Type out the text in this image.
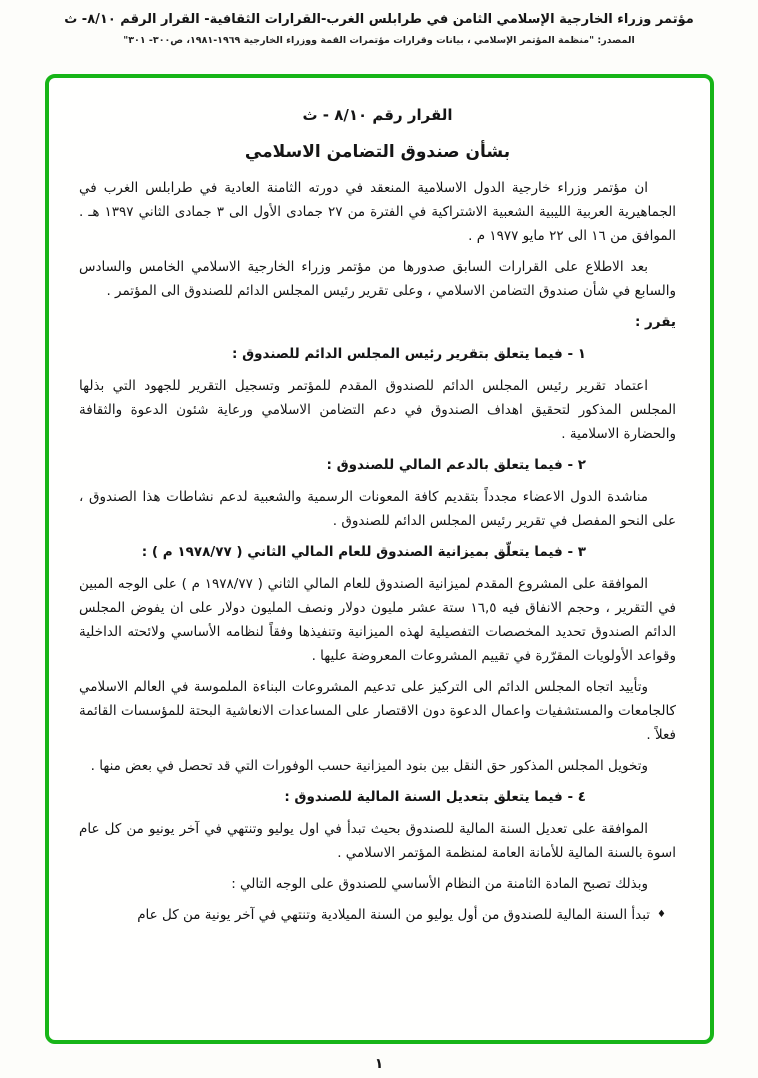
مؤتمر وزراء الخارجية الإسلامي الثامن في طرابلس الغرب-القرارات الثقافية- القرار الرقم ٨/١٠- ث
المصدر: "منظمة المؤتمر الإسلامي ، بيانات وقرارات مؤتمرات القمة ووزراء الخارجية ١٩٦٩-١٩٨١، ص٣٠٠- ٣٠١"
القرار رقم ٨/١٠ - ث
بشأن صندوق التضامن الاسلامي
ان مؤتمر وزراء خارجية الدول الاسلامية المنعقد في دورته الثامنة العادية في طرابلس الغرب في الجماهيرية العربية الليبية الشعبية الاشتراكية في الفترة من ٢٧ جمادى الأول الى ٣ جمادى الثاني ١٣٩٧ هـ . الموافق من ١٦ الى ٢٢ مايو ١٩٧٧ م .
بعد الاطلاع على القرارات السابق صدورها من مؤتمر وزراء الخارجية الاسلامي الخامس والسادس والسابع في شأن صندوق التضامن الاسلامي ، وعلى تقرير رئيس المجلس الدائم للصندوق الى المؤتمر .
يقرر :
١ - فيما يتعلق بتقرير رئيس المجلس الدائم للصندوق :
اعتماد تقرير رئيس المجلس الدائم للصندوق المقدم للمؤتمر وتسجيل التقرير للجهود التي بذلها المجلس المذكور لتحقيق اهداف الصندوق في دعم التضامن الاسلامي ورعاية شئون الدعوة والثقافة والحضارة الاسلامية .
٢ - فيما يتعلق بالدعم المالي للصندوق :
مناشدة الدول الاعضاء مجدداً بتقديم كافة المعونات الرسمية والشعبية لدعم نشاطات هذا الصندوق ، على النحو المفصل في تقرير رئيس المجلس الدائم للصندوق .
٣ - فيما يتعلّق بميزانية الصندوق للعام المالي الثاني ( ١٩٧٨/٧٧ م ) :
الموافقة على المشروع المقدم لميزانية الصندوق للعام المالي الثاني ( ١٩٧٨/٧٧ م ) على الوجه المبين في التقرير ، وحجم الانفاق فيه ١٦,٥ ستة عشر مليون دولار ونصف المليون دولار على ان يفوض المجلس الدائم الصندوق تحديد المخصصات التفصيلية لهذه الميزانية وتنفيذها وفقاً لنظامه الأساسي ولائحته الداخلية وقواعد الأولويات المقرّرة في تقييم المشروعات المعروضة عليها .
وتأييد اتجاه المجلس الدائم الى التركيز على تدعيم المشروعات البناءة الملموسة في العالم الاسلامي كالجامعات والمستشفيات واعمال الدعوة دون الاقتصار على المساعدات الانعاشية البحتة للمؤسسات القائمة فعلاً .
وتخويل المجلس المذكور حق النقل بين بنود الميزانية حسب الوفورات التي قد تحصل في بعض منها .
٤ - فيما يتعلق بتعديل السنة المالية للصندوق :
الموافقة على تعديل السنة المالية للصندوق بحيث تبدأ في اول يوليو وتنتهي في آخر يونيو من كل عام اسوة بالسنة المالية للأمانة العامة لمنظمة المؤتمر الاسلامي .
وبذلك تصبح المادة الثامنة من النظام الأساسي للصندوق على الوجه التالي :
♦تبدأ السنة المالية للصندوق من أول يوليو من السنة الميلادية وتنتهي في آخر يونية من كل عام
١
